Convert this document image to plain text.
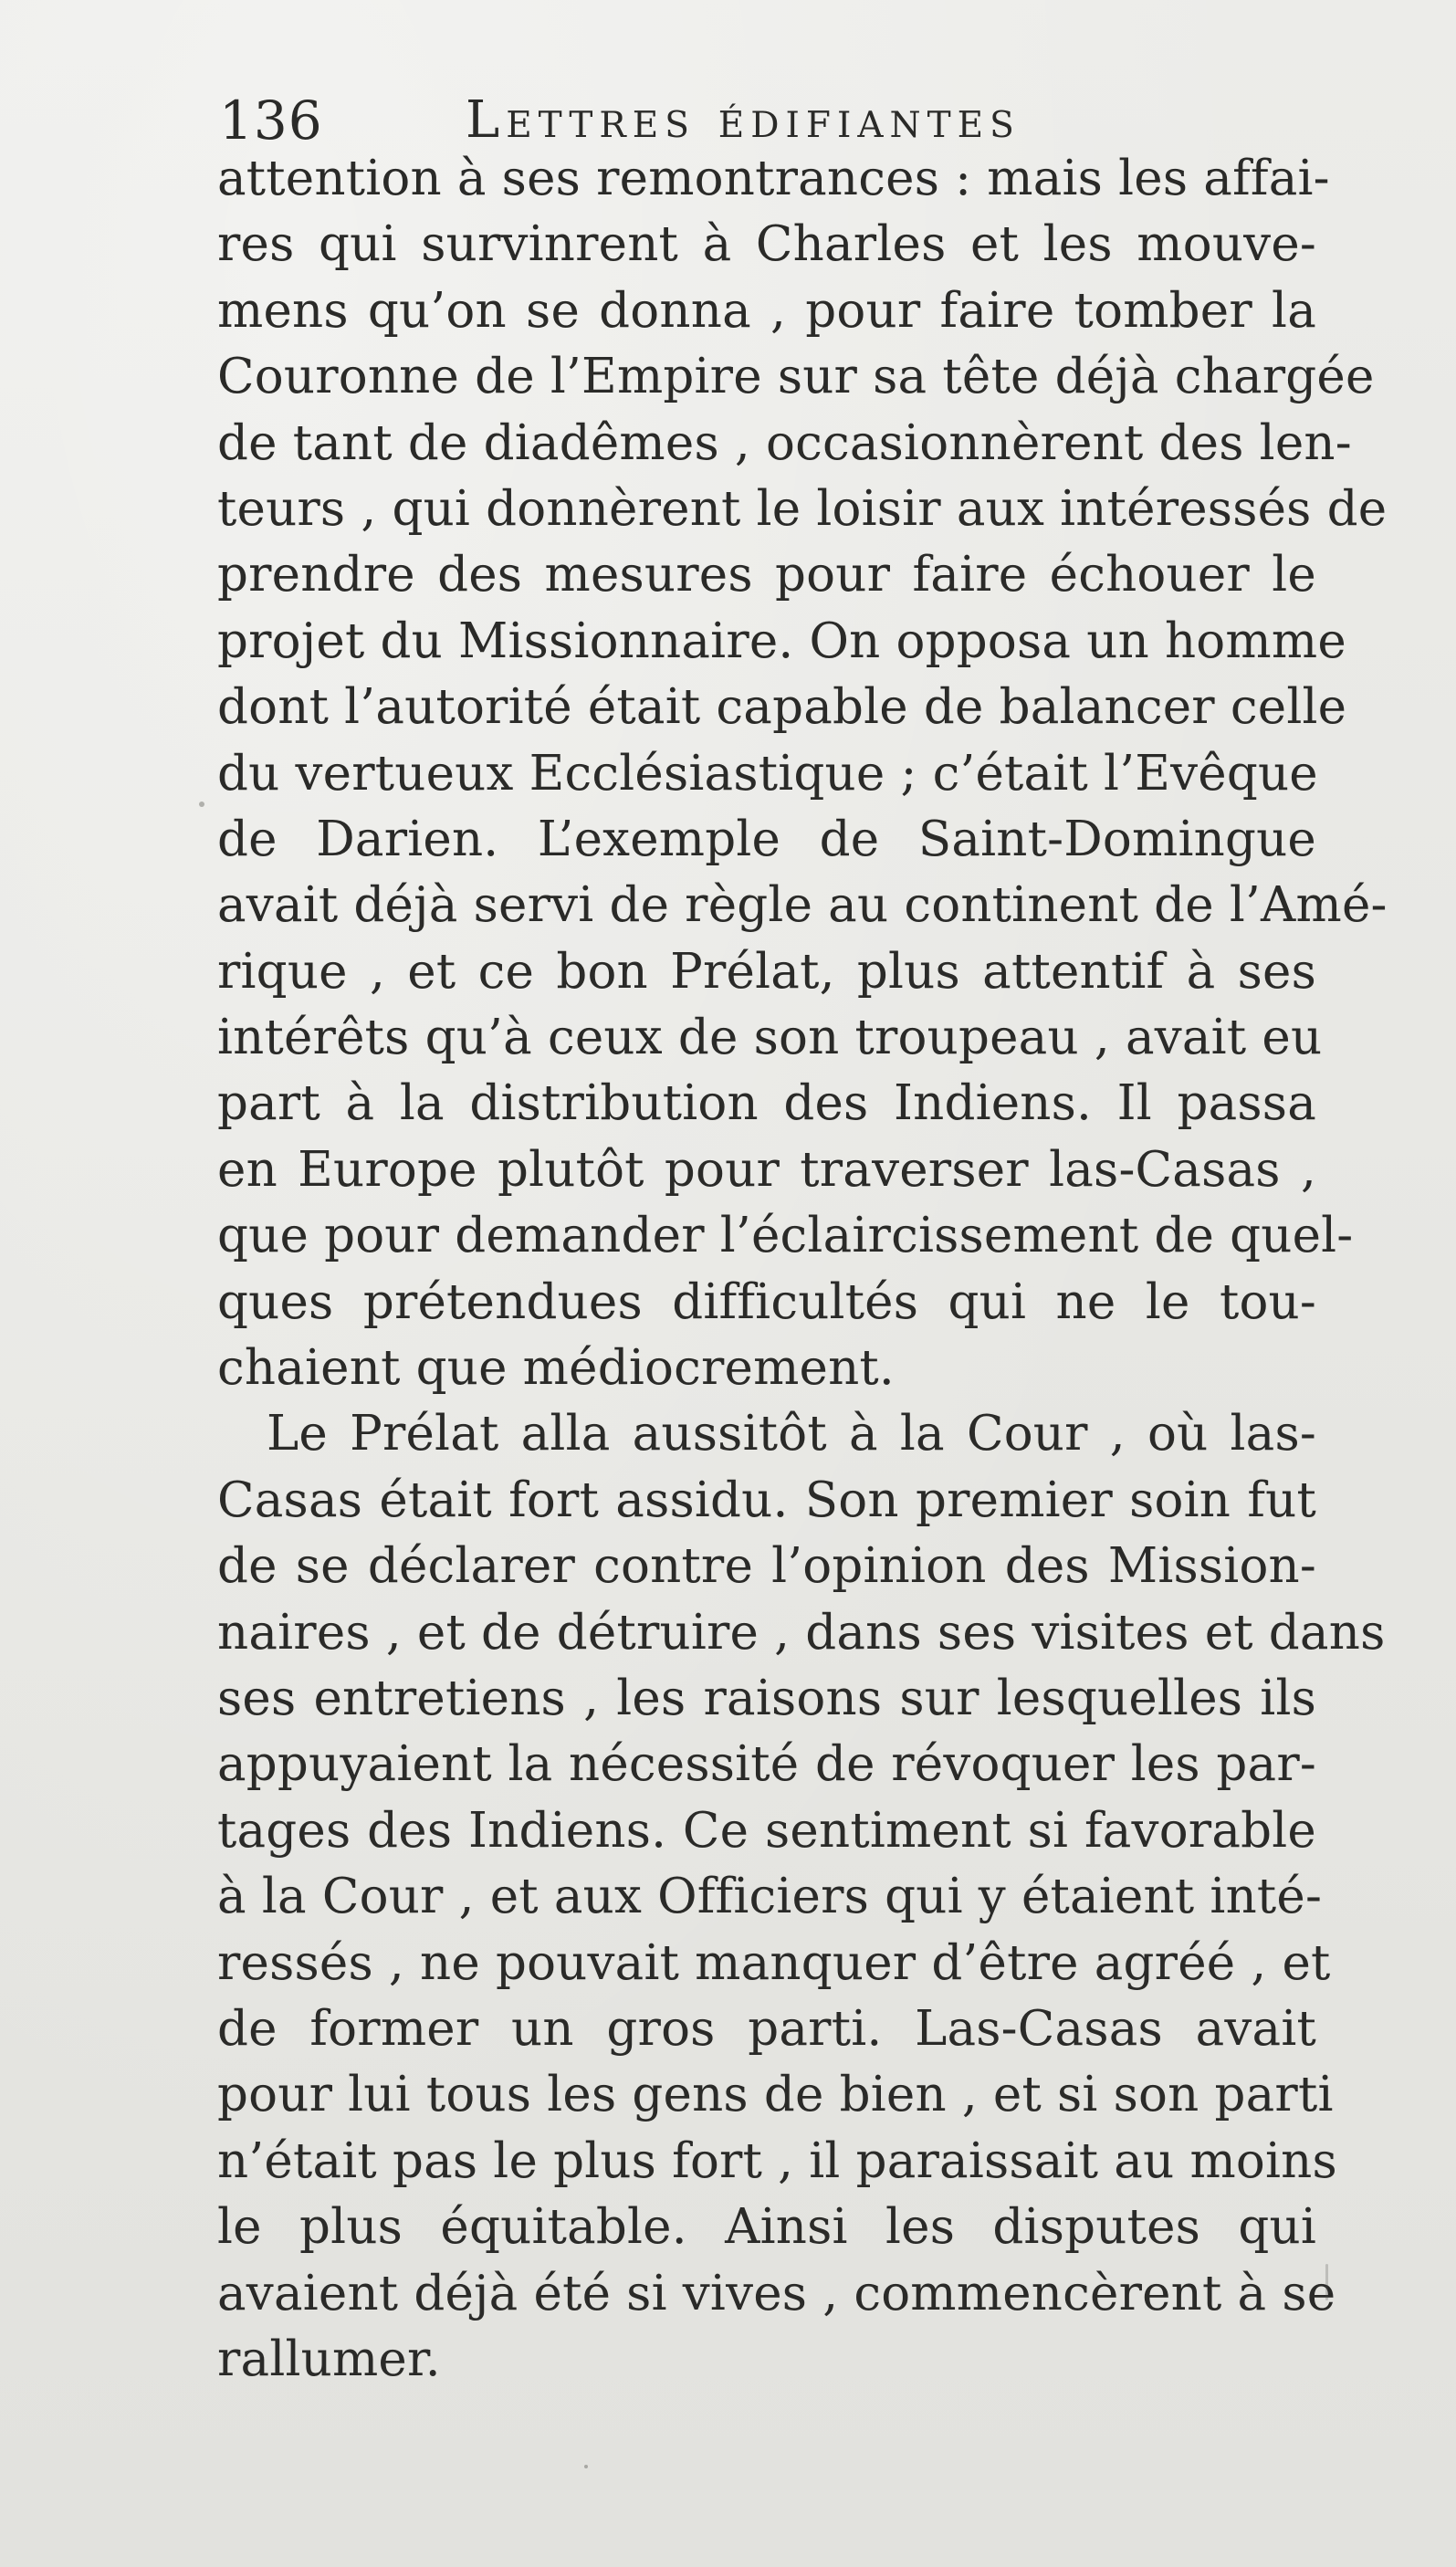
136	Lettres édifiantes
attention à ses remontrances : mais les affai-
res qui survinrent à Charles et les mouve-
mens qu’on se donna , pour faire tomber la
Couronne de l’Empire sur sa tête déjà chargée
de tant de diadêmes , occasionnèrent des len-
teurs , qui donnèrent le loisir aux intéressés de
prendre des mesures pour faire échouer le
projet du Missionnaire. On opposa un homme
dont l’autorité était capable de balancer celle
du vertueux Ecclésiastique ; c’était l’Evêque
de Darien. L’exemple de Saint-Domingue
avait déjà servi de règle au continent de l’Amé-
rique , et ce bon Prélat, plus attentif à ses
intérêts qu’à ceux de son troupeau , avait eu
part à la distribution des Indiens. Il passa
en Europe plutôt pour traverser las-Casas ,
que pour demander l’éclaircissement de quel-
ques prétendues difficultés qui ne le tou-
chaient que médiocrement.
Le Prélat alla aussitôt à la Cour , où las-
Casas était fort assidu. Son premier soin fut
de se déclarer contre l’opinion des Mission-
naires , et de détruire , dans ses visites et dans
ses entretiens , les raisons sur lesquelles ils
appuyaient la nécessité de révoquer les par-
tages des Indiens. Ce sentiment si favorable
à la Cour , et aux Officiers qui y étaient inté-
ressés , ne pouvait manquer d’être agréé , et
de former un gros parti. Las-Casas avait
pour lui tous les gens de bien , et si son parti
n’était pas le plus fort , il paraissait au moins
le plus équitable. Ainsi les disputes qui
avaient déjà été si vives , commencèrent à se
rallumer.
